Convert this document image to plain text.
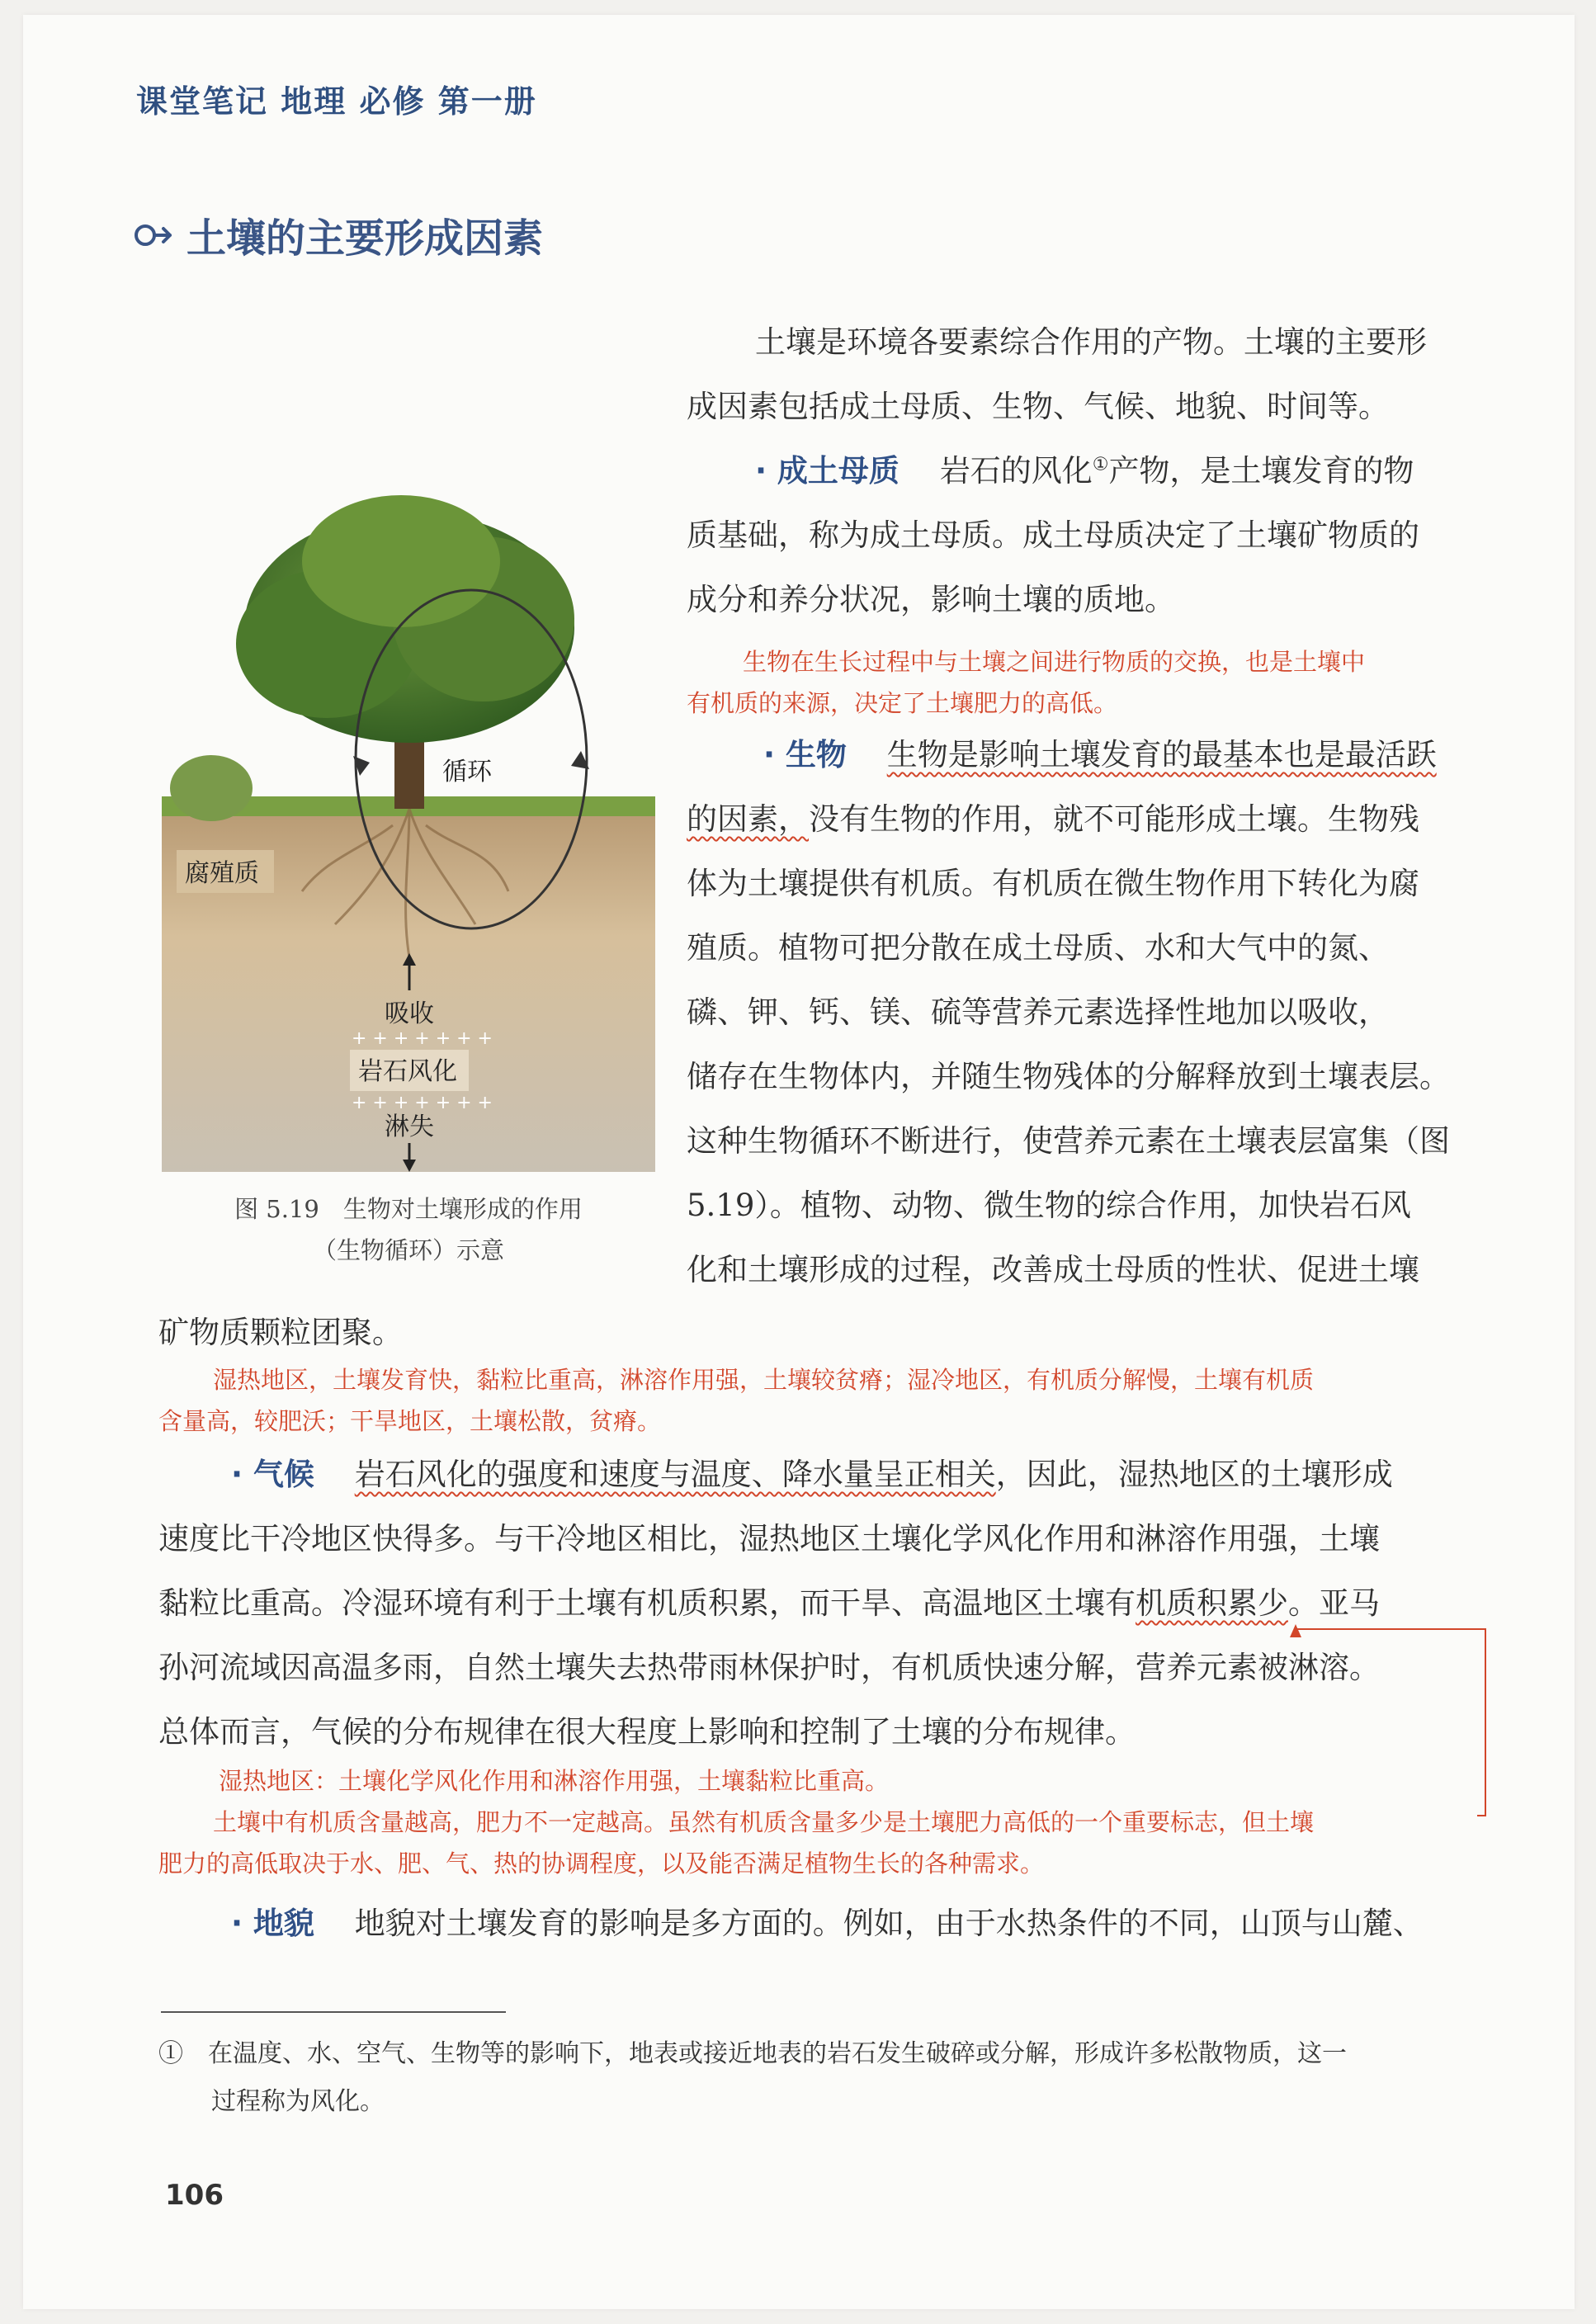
课堂笔记 地理 必修 第一册
土壤的主要形成因素
循环
腐殖质
吸收
+ + + + + + +
岩石风化
+ + + + + + +
淋失
图 5.19　生物对土壤形成的作用
（生物循环）示意
土壤是环境各要素综合作用的产物。土壤的主要形
成因素包括成土母质、生物、气候、地貌、时间等。
· 成土母质　 岩石的风化①产物，是土壤发育的物
质基础，称为成土母质。成土母质决定了土壤矿物质的
成分和养分状况，影响土壤的质地。
生物在生长过程中与土壤之间进行物质的交换，也是土壤中
有机质的来源，决定了土壤肥力的高低。
· 生物　 生物是影响土壤发育的最基本也是最活跃
的因素，没有生物的作用，就不可能形成土壤。生物残
体为土壤提供有机质。有机质在微生物作用下转化为腐
殖质。植物可把分散在成土母质、水和大气中的氮、
磷、钾、钙、镁、硫等营养元素选择性地加以吸收，
储存在生物体内，并随生物残体的分解释放到土壤表层。
这种生物循环不断进行，使营养元素在土壤表层富集（图
5.19）。植物、动物、微生物的综合作用，加快岩石风
化和土壤形成的过程，改善成土母质的性状、促进土壤
矿物质颗粒团聚。
湿热地区，土壤发育快，黏粒比重高，淋溶作用强，土壤较贫瘠；湿冷地区，有机质分解慢，土壤有机质
含量高，较肥沃；干旱地区，土壤松散，贫瘠。
· 气候　 岩石风化的强度和速度与温度、降水量呈正相关，因此，湿热地区的土壤形成
速度比干冷地区快得多。与干冷地区相比，湿热地区土壤化学风化作用和淋溶作用强，土壤
黏粒比重高。冷湿环境有利于土壤有机质积累，而干旱、高温地区土壤有机质积累少。亚马
孙河流域因高温多雨，自然土壤失去热带雨林保护时，有机质快速分解，营养元素被淋溶。
总体而言，气候的分布规律在很大程度上影响和控制了土壤的分布规律。
湿热地区：土壤化学风化作用和淋溶作用强，土壤黏粒比重高。
土壤中有机质含量越高，肥力不一定越高。虽然有机质含量多少是土壤肥力高低的一个重要标志，但土壤
肥力的高低取决于水、肥、气、热的协调程度，以及能否满足植物生长的各种需求。
· 地貌　 地貌对土壤发育的影响是多方面的。例如，由于水热条件的不同，山顶与山麓、
①　 在温度、水、空气、生物等的影响下，地表或接近地表的岩石发生破碎或分解，形成许多松散物质，这一
过程称为风化。
106
